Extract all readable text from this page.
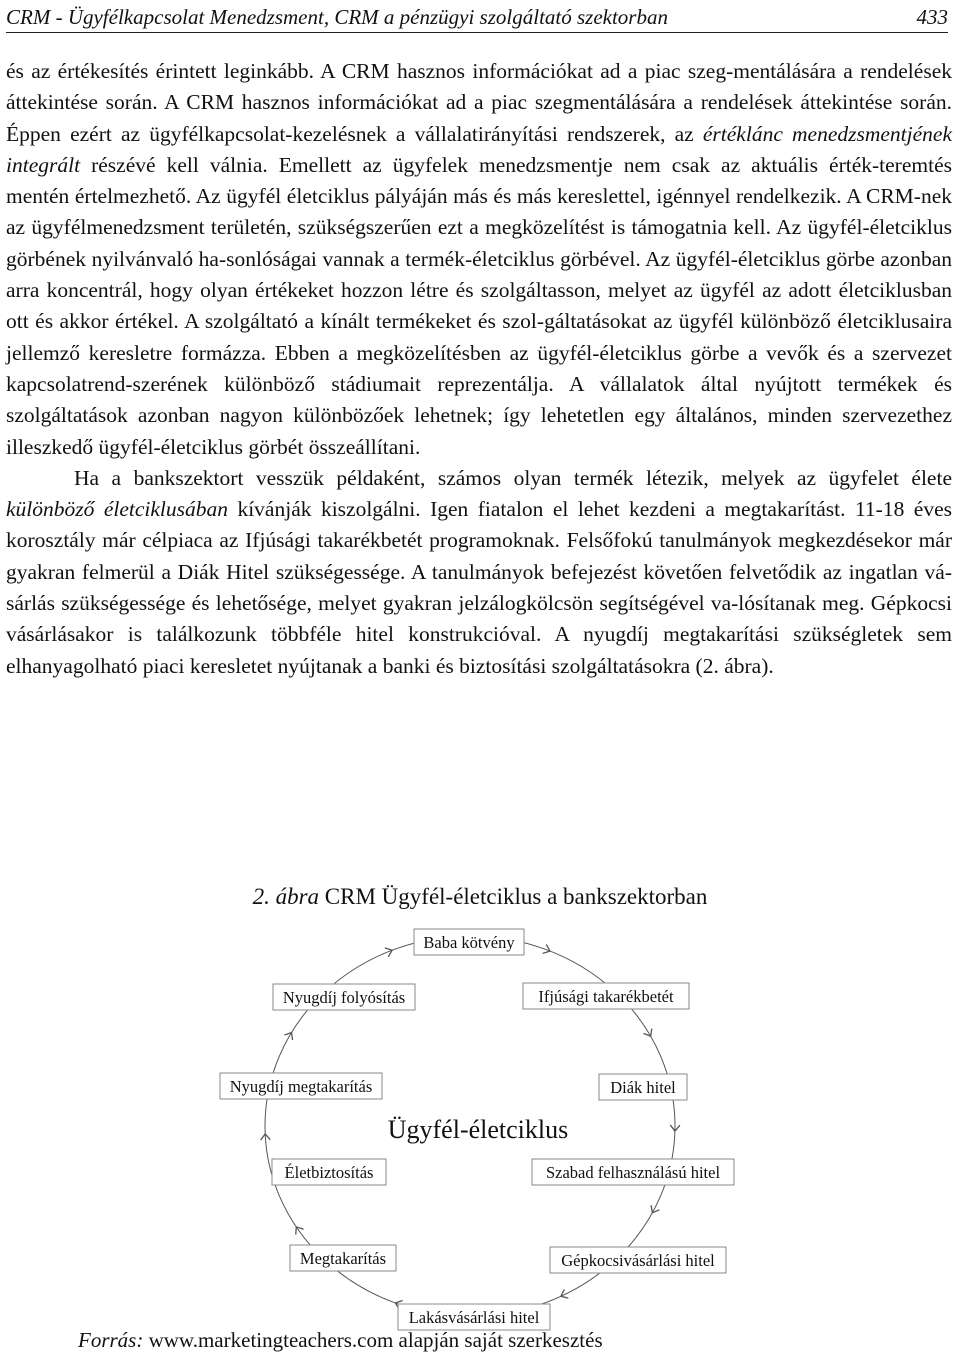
CRM - Ügyfélkapcsolat Menedzsment, CRM a pénzügyi szolgáltató szektorban	433

és az értékesítés érintett leginkább. A CRM hasznos információkat ad a piac szeg-mentálására a rendelések áttekintése során. A CRM hasznos információkat ad a piac szegmentálására a rendelések áttekintése során. Éppen ezért az ügyfélkapcsolat-kezelésnek a vállalatirányítási rendszerek, az értéklánc menedzsmentjének integrált részévé kell válnia. Emellett az ügyfelek menedzsmentje nem csak az aktuális érték-teremtés mentén értelmezhető. Az ügyfél életciklus pályáján más és más kereslettel, igénnyel rendelkezik. A CRM-nek az ügyfélmenedzsment területén, szükségszerűen ezt a megközelítést is támogatnia kell. Az ügyfél-életciklus görbének nyilvánvaló ha-sonlóságai vannak a termék-életciklus görbével. Az ügyfél-életciklus görbe azonban arra koncentrál, hogy olyan értékeket hozzon létre és szolgáltasson, melyet az ügyfél az adott életciklusban ott és akkor értékel. A szolgáltató a kínált termékeket és szol-gáltatásokat az ügyfél különböző életciklusaira jellemző keresletre formázza. Ebben a megközelítésben az ügyfél-életciklus görbe a vevők és a szervezet kapcsolatrend-szerének különböző stádiumait reprezentálja. A vállalatok által nyújtott termékek és szolgáltatások azonban nagyon különbözőek lehetnek; így lehetetlen egy általános, minden szervezethez illeszkedő ügyfél-életciklus görbét összeállítani.

Ha a bankszektort vesszük példaként, számos olyan termék létezik, melyek az ügyfelet élete különböző életciklusában kívánják kiszolgálni. Igen fiatalon el lehet kezdeni a megtakarítást. 11-18 éves korosztály már célpiaca az Ifjúsági takarékbetét programoknak. Felsőfokú tanulmányok megkezdésekor már gyakran felmerül a Diák Hitel szükségessége. A tanulmányok befejezést követően felvetődik az ingatlan vá-sárlás szükségessége és lehetősége, melyet gyakran jelzálogkölcsön segítségével va-lósítanak meg. Gépkocsi vásárlásakor is találkozunk többféle hitel konstrukcióval. A nyugdíj megtakarítási szükségletek sem elhanyagolható piaci keresletet nyújtanak a banki és biztosítási szolgáltatásokra (2. ábra).

2. ábra CRM Ügyfél-életciklus a bankszektorban
Baba kötvény
Ifjúsági takarékbetét
Diák hitel
Szabad felhasználású hitel
Gépkocsivásárlási hitel
Lakásvásárlási hitel
Megtakarítás
Életbiztosítás
Nyugdíj megtakarítás
Nyugdíj folyósítás
Ügyfél-életciklus
Forrás: www.marketingteachers.com alapján saját szerkesztés
